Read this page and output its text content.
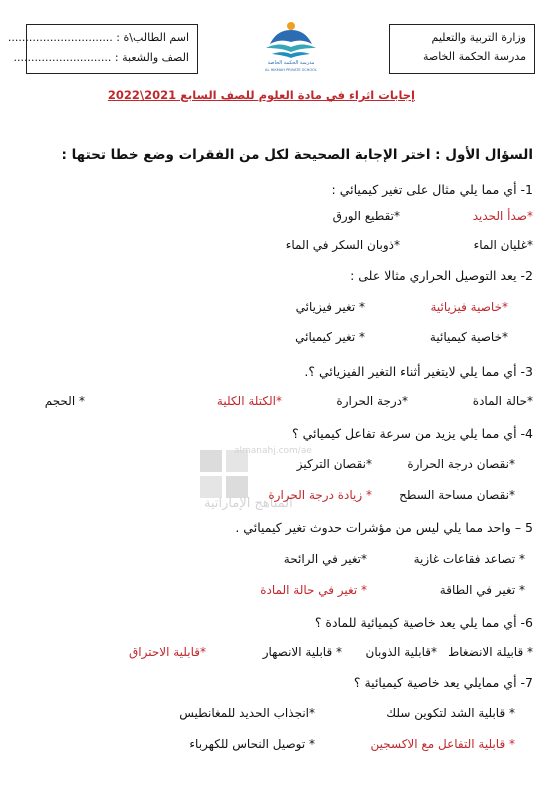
وزارة التربية والتعليم
مدرسة الحكمة الخاصة
اسم الطالب\ة : ..............................
الصف والشعبة : ............................	مدرسة الحكمة الخاصة
AL HIKMAH PRIVATE SCHOOL
إجابات اثراء في مادة العلوم للصف السابع 2021\2022
السؤال الأول : اختر الإجابة الصحيحة لكل من الفقرات وضع خطا تحتها :
1- أي مما يلي مثال على تغير كيميائي :
*صدأ الحديد
*تقطيع الورق
*غليان الماء
*ذوبان السكر في الماء
2- يعد التوصيل الحراري مثالا على :
*خاصية فيزيائية
* تغير فيزيائي
*خاصية كيميائية
* تغير كيميائي
3- أي مما يلي لايتغير أثناء التغير الفيزيائي ؟.
*حالة المادة
*درجة الحرارة
*الكتلة الكلية
* الحجم
4- أي مما يلي يزيد من سرعة تفاعل كيميائي ؟
*نقصان درجة الحرارة
*نقصان التركيز
*نقصان مساحة السطح
* زيادة درجة الحرارة
almanahj.com/ae
المناهج الإماراتية
5 – واحد مما يلي ليس من مؤشرات حدوث تغير كيميائي .
* تصاعد فقاعات غازية
*تغير في الرائحة
* تغير في الطاقة
* تغير في حالة المادة
6- أي مما يلي يعد خاصية كيميائية للمادة ؟
* قابيلة الانضغاط
*قابلية الذوبان
* قابلية الانصهار
*قابلية الاحتراق
7- أي ممايلي يعد خاصية كيميائية ؟
* قابلية الشد لتكوين سلك
*انجذاب الحديد للمغانطيس
* قابلية التفاعل مع الاكسجين
* توصيل النحاس للكهرباء
